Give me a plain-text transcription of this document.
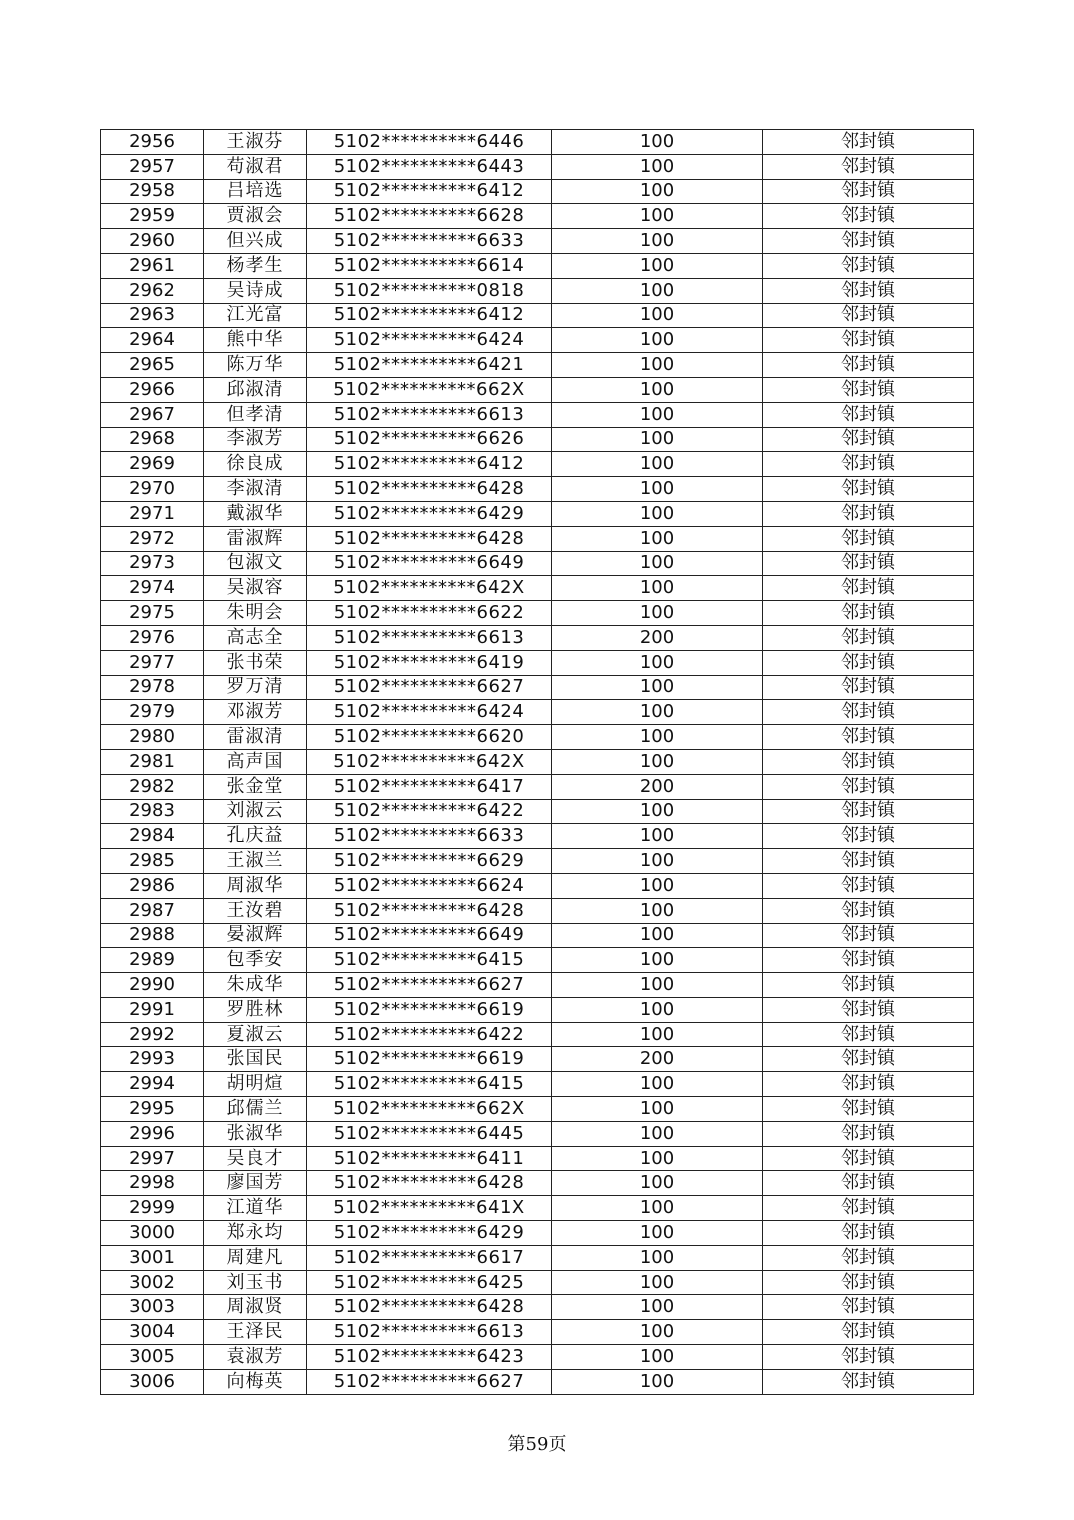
2956	王淑芬	5102**********6446	100	邻封镇
2957	苟淑君	5102**********6443	100	邻封镇
2958	吕培选	5102**********6412	100	邻封镇
2959	贾淑会	5102**********6628	100	邻封镇
2960	但兴成	5102**********6633	100	邻封镇
2961	杨孝生	5102**********6614	100	邻封镇
2962	吴诗成	5102**********0818	100	邻封镇
2963	江光富	5102**********6412	100	邻封镇
2964	熊中华	5102**********6424	100	邻封镇
2965	陈万华	5102**********6421	100	邻封镇
2966	邱淑清	5102**********662X	100	邻封镇
2967	但孝清	5102**********6613	100	邻封镇
2968	李淑芳	5102**********6626	100	邻封镇
2969	徐良成	5102**********6412	100	邻封镇
2970	李淑清	5102**********6428	100	邻封镇
2971	戴淑华	5102**********6429	100	邻封镇
2972	雷淑辉	5102**********6428	100	邻封镇
2973	包淑文	5102**********6649	100	邻封镇
2974	吴淑容	5102**********642X	100	邻封镇
2975	朱明会	5102**********6622	100	邻封镇
2976	高志全	5102**********6613	200	邻封镇
2977	张书荣	5102**********6419	100	邻封镇
2978	罗万清	5102**********6627	100	邻封镇
2979	邓淑芳	5102**********6424	100	邻封镇
2980	雷淑清	5102**********6620	100	邻封镇
2981	高声国	5102**********642X	100	邻封镇
2982	张金堂	5102**********6417	200	邻封镇
2983	刘淑云	5102**********6422	100	邻封镇
2984	孔庆益	5102**********6633	100	邻封镇
2985	王淑兰	5102**********6629	100	邻封镇
2986	周淑华	5102**********6624	100	邻封镇
2987	王汝碧	5102**********6428	100	邻封镇
2988	晏淑辉	5102**********6649	100	邻封镇
2989	包季安	5102**********6415	100	邻封镇
2990	朱成华	5102**********6627	100	邻封镇
2991	罗胜林	5102**********6619	100	邻封镇
2992	夏淑云	5102**********6422	100	邻封镇
2993	张国民	5102**********6619	200	邻封镇
2994	胡明煊	5102**********6415	100	邻封镇
2995	邱儒兰	5102**********662X	100	邻封镇
2996	张淑华	5102**********6445	100	邻封镇
2997	吴良才	5102**********6411	100	邻封镇
2998	廖国芳	5102**********6428	100	邻封镇
2999	江道华	5102**********641X	100	邻封镇
3000	郑永均	5102**********6429	100	邻封镇
3001	周建凡	5102**********6617	100	邻封镇
3002	刘玉书	5102**********6425	100	邻封镇
3003	周淑贤	5102**********6428	100	邻封镇
3004	王泽民	5102**********6613	100	邻封镇
3005	袁淑芳	5102**********6423	100	邻封镇
3006	向梅英	5102**********6627	100	邻封镇
第59页
